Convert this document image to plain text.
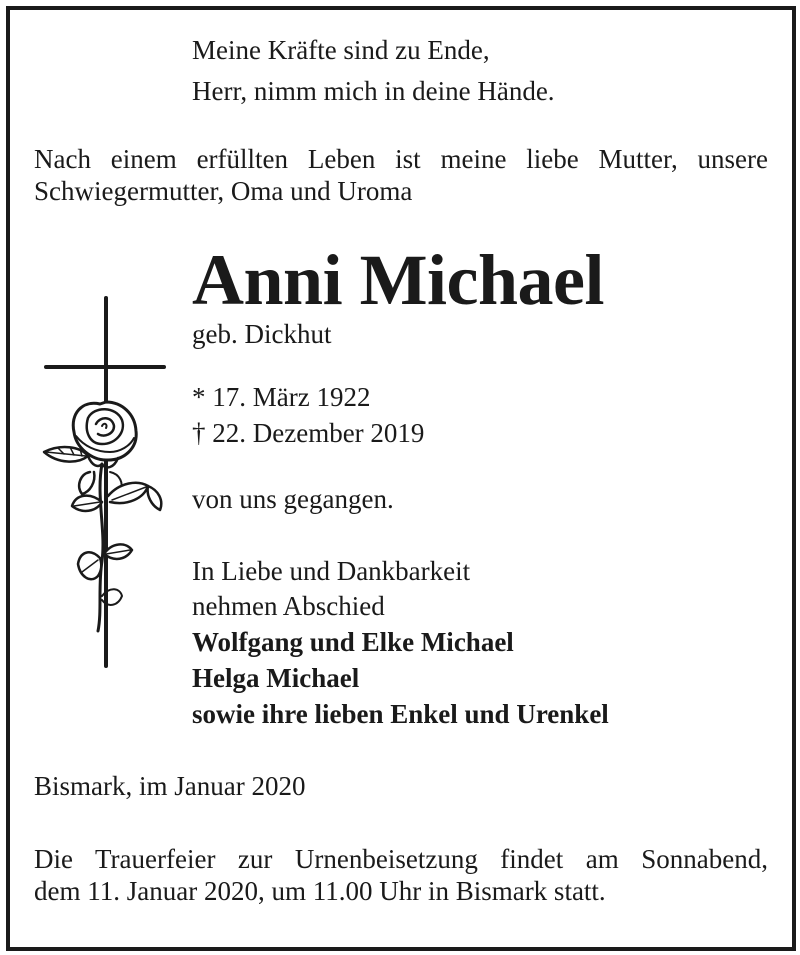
Meine Kräfte sind zu Ende,
Herr, nimm mich in deine Hände.
Nach einem erfüllten Leben ist meine liebe Mutter, unsere
Schwiegermutter, Oma und Uroma
Anni Michael
geb. Dickhut
* 17. März 1922
† 22. Dezember 2019
von uns gegangen.
In Liebe und Dankbarkeit
nehmen Abschied
Wolfgang und Elke Michael
Helga Michael
sowie ihre lieben Enkel und Urenkel
Bismark, im Januar 2020
Die Trauerfeier zur Urnenbeisetzung findet am Sonnabend,
dem 11. Januar 2020, um 11.00 Uhr in Bismark statt.
